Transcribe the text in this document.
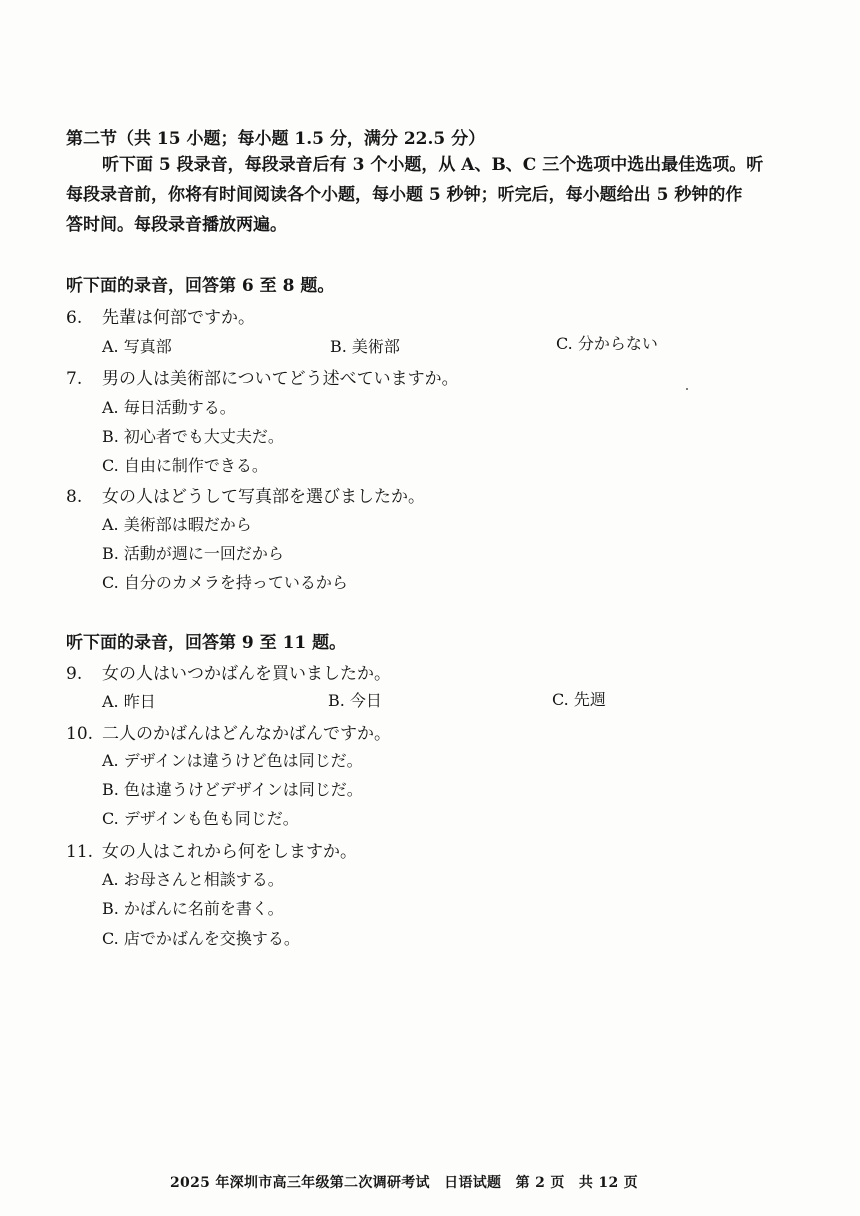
第二节（共 15 小题；每小题 1.5 分，满分 22.5 分）
听下面 5 段录音，每段录音后有 3 个小题，从 A、B、C 三个选项中选出最佳选项。听
每段录音前，你将有时间阅读各个小题，每小题 5 秒钟；听完后，每小题给出 5 秒钟的作
答时间。每段录音播放两遍。
听下面的录音，回答第 6 至 8 题。
6. 先輩は何部ですか。
A. 写真部	B. 美術部	C. 分からない
7. 男の人は美術部についてどう述べていますか。
A. 毎日活動する。
B. 初心者でも大丈夫だ。
C. 自由に制作できる。
8. 女の人はどうして写真部を選びましたか。
A. 美術部は暇だから
B. 活動が週に一回だから
C. 自分のカメラを持っているから
听下面的录音，回答第 9 至 11 题。
9. 女の人はいつかばんを買いましたか。
A. 昨日	B. 今日	C. 先週
10. 二人のかばんはどんなかばんですか。
A. デザインは違うけど色は同じだ。
B. 色は違うけどデザインは同じだ。
C. デザインも色も同じだ。
11. 女の人はこれから何をしますか。
A. お母さんと相談する。
B. かばんに名前を書く。
C. 店でかばんを交換する。
2025 年深圳市高三年级第二次调研考试　日语试题　第 2 页　共 12 页
